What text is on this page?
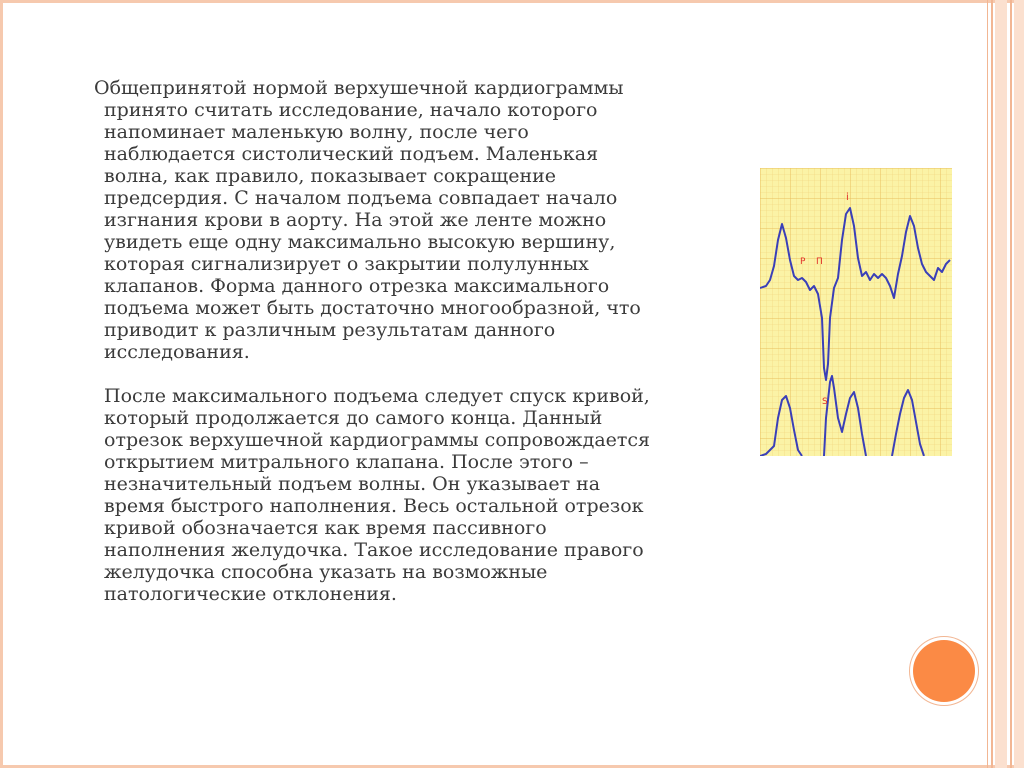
Общепринятой нормой верхушечной кардиограммы
принято считать исследование, начало которого
напоминает маленькую волну, после чего
наблюдается систолический подъем. Маленькая
волна, как правило, показывает сокращение
предсердия. С началом подъема совпадает начало
изгнания крови в аорту. На этой же ленте можно
увидеть еще одну максимально высокую вершину,
которая сигнализирует о закрытии полулунных
клапанов. Форма данного отрезка максимального
подъема может быть достаточно многообразной, что
приводит к различным результатам данного
исследования.

После максимального подъема следует спуск кривой,
который продолжается до самого конца. Данный
отрезок верхушечной кардиограммы сопровождается
открытием митрального клапана. После этого –
незначительный подъем волны. Он указывает на
время быстрого наполнения. Весь остальной отрезок
кривой обозначается как время пассивного
наполнения желудочка. Такое исследование правого
желудочка способна указать на возможные
патологические отклонения.

i
P П
S
